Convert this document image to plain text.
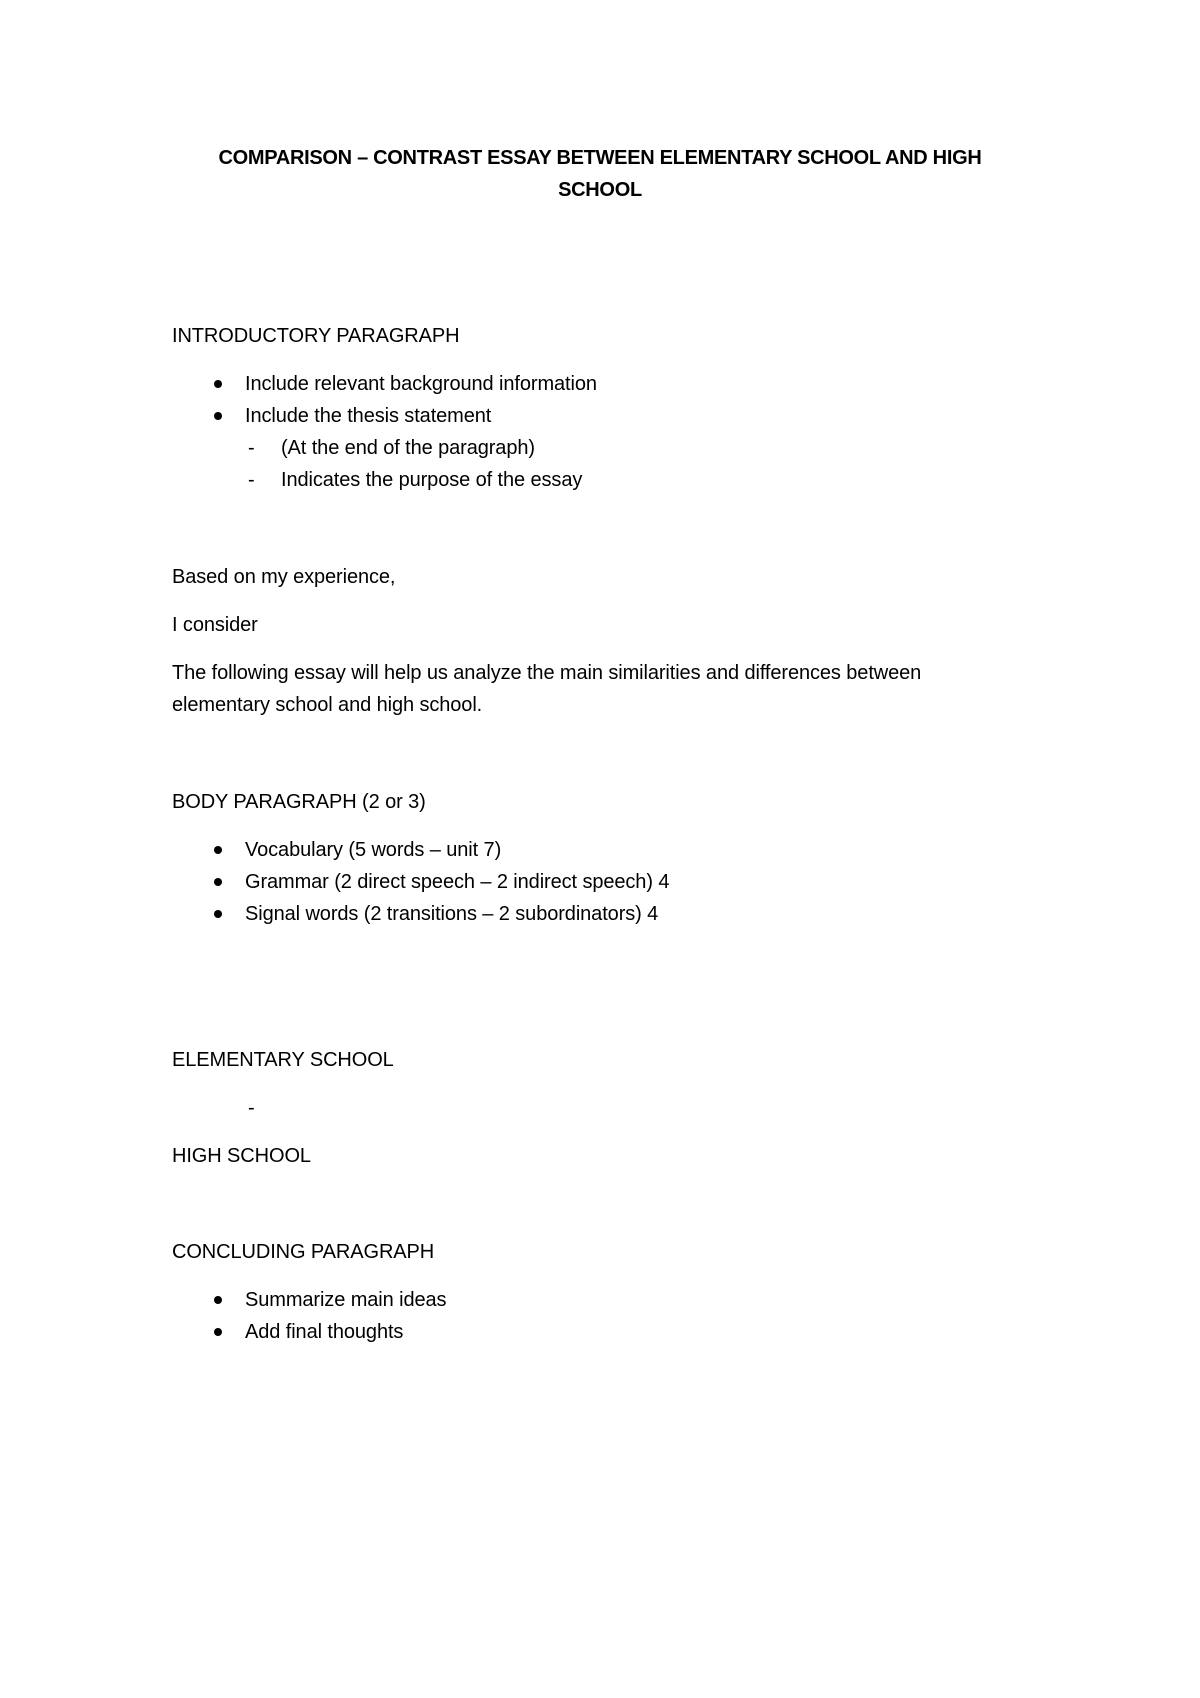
COMPARISON – CONTRAST ESSAY BETWEEN ELEMENTARY SCHOOL AND HIGH
SCHOOL
INTRODUCTORY PARAGRAPH
Include relevant background information
Include the thesis statement
- (At the end of the paragraph)
- Indicates the purpose of the essay
Based on my experience,
I consider
The following essay will help us analyze the main similarities and differences between
elementary school and high school.
BODY PARAGRAPH (2 or 3)
Vocabulary (5 words – unit 7)
Grammar (2 direct speech – 2 indirect speech) 4
Signal words (2 transitions – 2 subordinators) 4
ELEMENTARY SCHOOL
-
HIGH SCHOOL
CONCLUDING PARAGRAPH
Summarize main ideas
Add final thoughts
